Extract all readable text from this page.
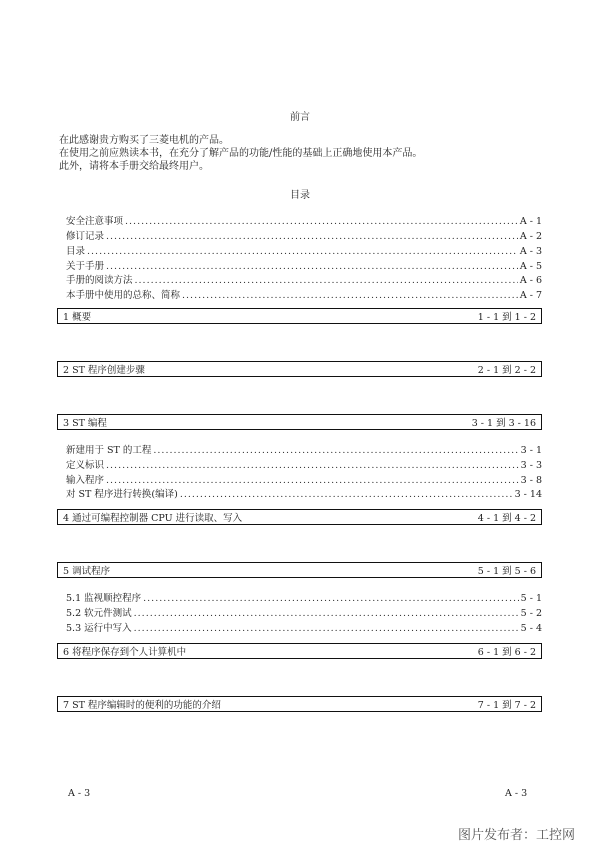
前言
在此感谢贵方购买了三菱电机的产品。
在使用之前应熟读本书，在充分了解产品的功能/性能的基础上正确地使用本产品。
此外，请将本手册交给最终用户。
目录
安全注意事项 .....	A - 1
修订记录 .....	A - 2
目录 .....	A - 3
关于手册 .....	A - 5
手册的阅读方法 .....	A - 6
本手册中使用的总称、简称 .....	A - 7
1 概要	1 - 1 到 1 - 2
2 ST 程序创建步骤	2 - 1 到 2 - 2
3 ST 编程	3 - 1 到 3 - 16
新建用于 ST 的工程 .....	3 - 1
定义标识 .....	3 - 3
输入程序 .....	3 - 8
对 ST 程序进行转换(编译) .....	3 - 14
4 通过可编程控制器 CPU 进行读取、写入	4 - 1 到 4 - 2
5 调试程序	5 - 1 到 5 - 6
5.1 监视顺控程序 .....	5 - 1
5.2 软元件测试 .....	5 - 2
5.3 运行中写入 .....	5 - 4
6 将程序保存到个人计算机中	6 - 1 到 6 - 2
7 ST 程序编辑时的便利的功能的介绍	7 - 1 到 7 - 2
A - 3	A - 3
图片发布者：工控网
